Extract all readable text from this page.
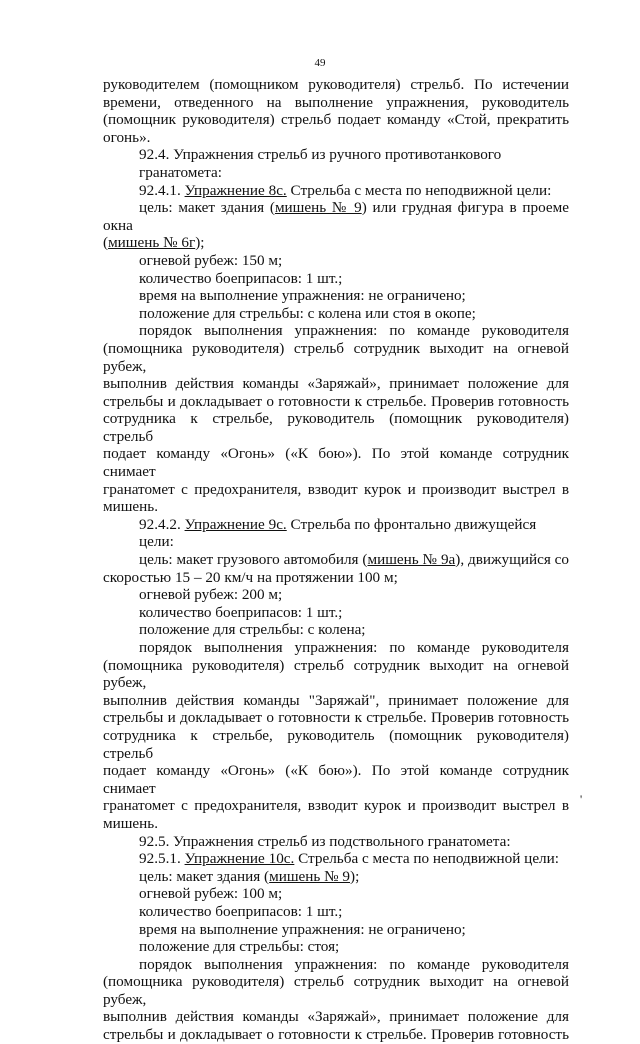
49

руководителем (помощником руководителя) стрельб. По истечении

времени, отведенного на выполнение упражнения, руководитель

(помощник руководителя) стрельб подает команду «Стой, прекратить

огонь».

92.4. Упражнения стрельб из ручного противотанкового гранатомета:

92.4.1. Упражнение 8с. Стрельба с места по неподвижной цели:

цель: макет здания (мишень № 9) или грудная фигура в проеме окна

(мишень № 6г);

огневой рубеж: 150 м;

количество боеприпасов: 1 шт.;

время на выполнение упражнения: не ограничено;

положение для стрельбы: с колена или стоя в окопе;

порядок выполнения упражнения: по команде руководителя

(помощника руководителя) стрельб сотрудник выходит на огневой рубеж,

выполнив действия команды «Заряжай», принимает положение для

стрельбы и докладывает о готовности к стрельбе. Проверив готовность

сотрудника к стрельбе, руководитель (помощник руководителя) стрельб

подает команду «Огонь» («К бою»). По этой команде сотрудник снимает

гранатомет с предохранителя, взводит курок и производит выстрел в

мишень.

92.4.2. Упражнение 9с. Стрельба по фронтально движущейся цели:

цель: макет грузового автомобиля (мишень № 9а), движущийся со

скоростью 15 – 20 км/ч на протяжении 100 м;

огневой рубеж: 200 м;

количество боеприпасов: 1 шт.;

положение для стрельбы: с колена;

порядок выполнения упражнения: по команде руководителя

(помощника руководителя) стрельб сотрудник выходит на огневой рубеж,

выполнив действия команды "Заряжай", принимает положение для

стрельбы и докладывает о готовности к стрельбе. Проверив готовность

сотрудника к стрельбе, руководитель (помощник руководителя) стрельб

подает команду «Огонь» («К бою»). По этой команде сотрудник снимает

гранатомет с предохранителя, взводит курок и производит выстрел в

мишень.

92.5. Упражнения стрельб из подствольного гранатомета:

92.5.1. Упражнение 10с. Стрельба с места по неподвижной цели:

цель: макет здания (мишень № 9);

огневой рубеж: 100 м;

количество боеприпасов: 1 шт.;

время на выполнение упражнения: не ограничено;

положение для стрельбы: стоя;

порядок выполнения упражнения: по команде руководителя

(помощника руководителя) стрельб сотрудник выходит на огневой рубеж,

выполнив действия команды «Заряжай», принимает положение для

стрельбы и докладывает о готовности к стрельбе. Проверив готовность

'
